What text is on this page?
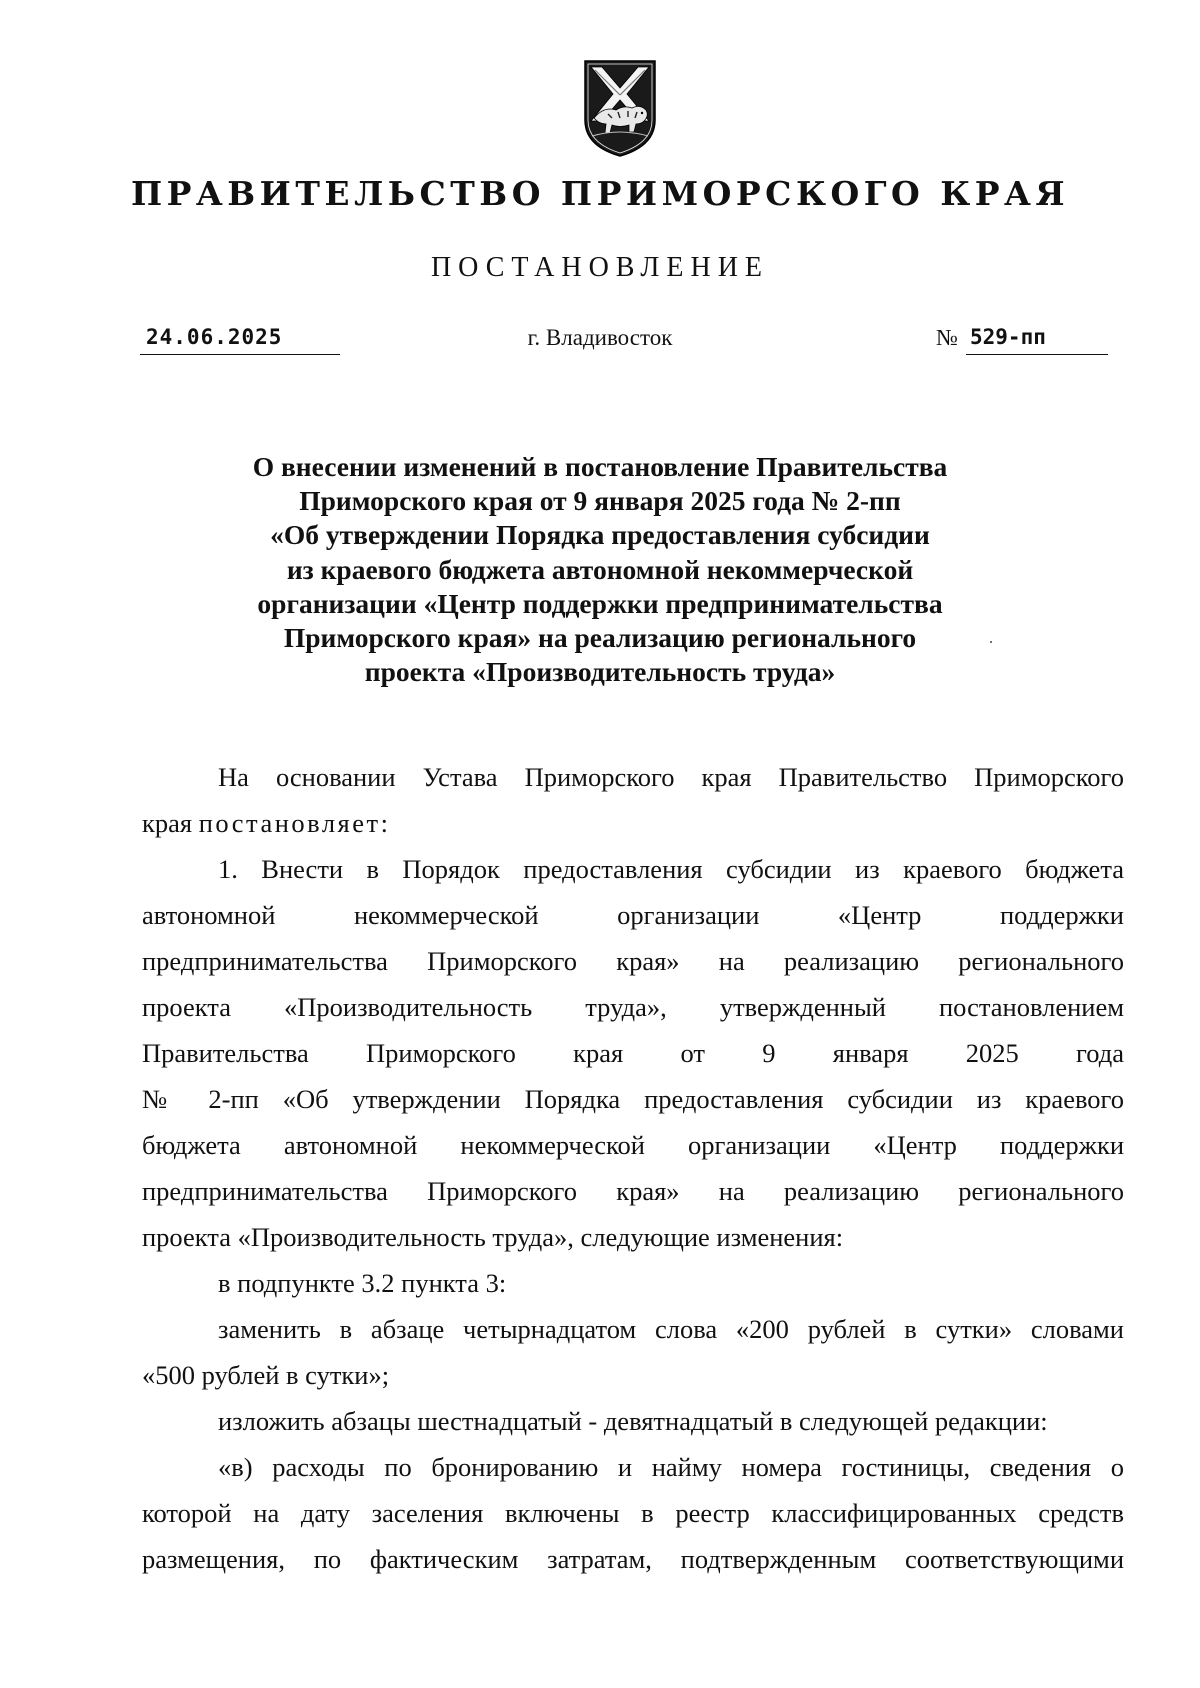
ПРАВИТЕЛЬСТВО ПРИМОРСКОГО КРАЯ
ПОСТАНОВЛЕНИЕ
24.06.2025	г. Владивосток	№ 529-пп
О внесении изменений в постановление Правительства
Приморского края от 9 января 2025 года № 2-пп
«Об утверждении Порядка предоставления субсидии
из краевого бюджета автономной некоммерческой
организации «Центр поддержки предпринимательства
Приморского края» на реализацию регионального
проекта «Производительность труда»
На основании Устава Приморского края Правительство Приморского
края постановляет:
1. Внести в Порядок предоставления субсидии из краевого бюджета
автономной некоммерческой организации «Центр поддержки
предпринимательства Приморского края» на реализацию регионального
проекта «Производительность труда», утвержденный постановлением
Правительства Приморского края от 9 января 2025 года
№ 2-пп «Об утверждении Порядка предоставления субсидии из краевого
бюджета автономной некоммерческой организации «Центр поддержки
предпринимательства Приморского края» на реализацию регионального
проекта «Производительность труда», следующие изменения:
в подпункте 3.2 пункта 3:
заменить в абзаце четырнадцатом слова «200 рублей в сутки» словами
«500 рублей в сутки»;
изложить абзацы шестнадцатый - девятнадцатый в следующей редакции:
«в) расходы по бронированию и найму номера гостиницы, сведения о
которой на дату заселения включены в реестр классифицированных средств
размещения, по фактическим затратам, подтвержденным соответствующими
